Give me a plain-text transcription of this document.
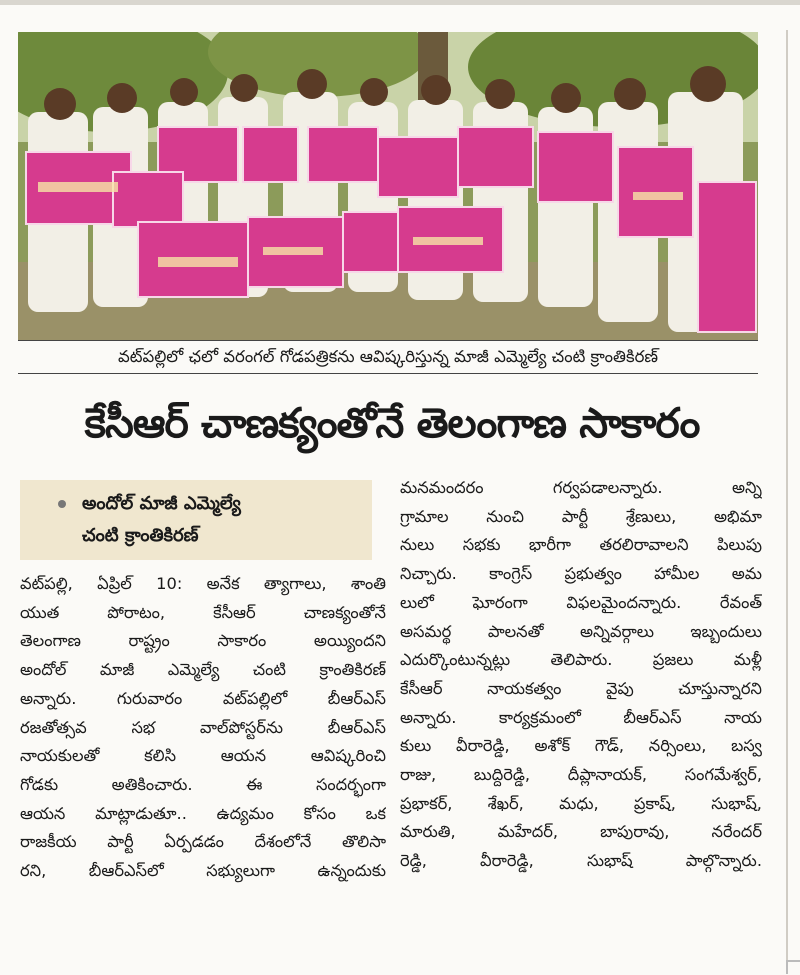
వట్‌పల్లిలో ఛలో వరంగల్ గోడపత్రికను ఆవిష్కరిస్తున్న మాజీ ఎమ్మెల్యే చంటి క్రాంతికిరణ్
కేసీఆర్ చాణక్యంతోనే తెలంగాణ సాకారం
అందోల్ మాజీ ఎమ్మెల్యే
చంటి క్రాంతికిరణ్
వట్‌పల్లి, ఏప్రిల్ 10: అనేక త్యాగాలు, శాంతి
యుత పోరాటం, కేసీఆర్ చాణక్యంతోనే
తెలంగాణ రాష్ట్రం సాకారం అయ్యిందని
అందోల్ మాజీ ఎమ్మెల్యే చంటి క్రాంతికిరణ్
అన్నారు. గురువారం వట్‌పల్లిలో బీఆర్ఎస్
రజతోత్సవ సభ వాల్‌పోస్టర్‌ను బీఆర్ఎస్
నాయకులతో కలిసి ఆయన ఆవిష్కరించి
గోడకు అతికించారు. ఈ సందర్భంగా
ఆయన మాట్లాడుతూ.. ఉద్యమం కోసం ఒక
రాజకీయ పార్టీ ఏర్పడడం దేశంలోనే తొలిసా
రని, బీఆర్ఎస్‌లో సభ్యులుగా ఉన్నందుకు
మనమందరం గర్వపడాలన్నారు. అన్ని
గ్రామాల నుంచి పార్టీ శ్రేణులు, అభిమా
నులు సభకు భారీగా తరలిరావాలని పిలుపు
నిచ్చారు. కాంగ్రెస్ ప్రభుత్వం హామీల అమ
లులో ఘోరంగా విఫలమైందన్నారు. రేవంత్
అసమర్థ పాలనతో అన్నివర్గాలు ఇబ్బందులు
ఎదుర్కొంటున్నట్లు తెలిపారు. ప్రజలు మళ్లీ
కేసీఆర్ నాయకత్వం వైపు చూస్తున్నారని
అన్నారు. కార్యక్రమంలో బీఆర్ఎస్ నాయ
కులు వీరారెడ్డి, అశోక్ గౌడ్, నర్సింలు, బస్వ
రాజు, బుద్దిరెడ్డి, దీప్లానాయక్, సంగమేశ్వర్,
ప్రభాకర్, శేఖర్, మధు, ప్రకాష్, సుభాష్,
మారుతి, మహేదర్, బాపురావు, నరేందర్
రెడ్డి, వీరారెడ్డి, సుభాష్ పాల్గొన్నారు.
